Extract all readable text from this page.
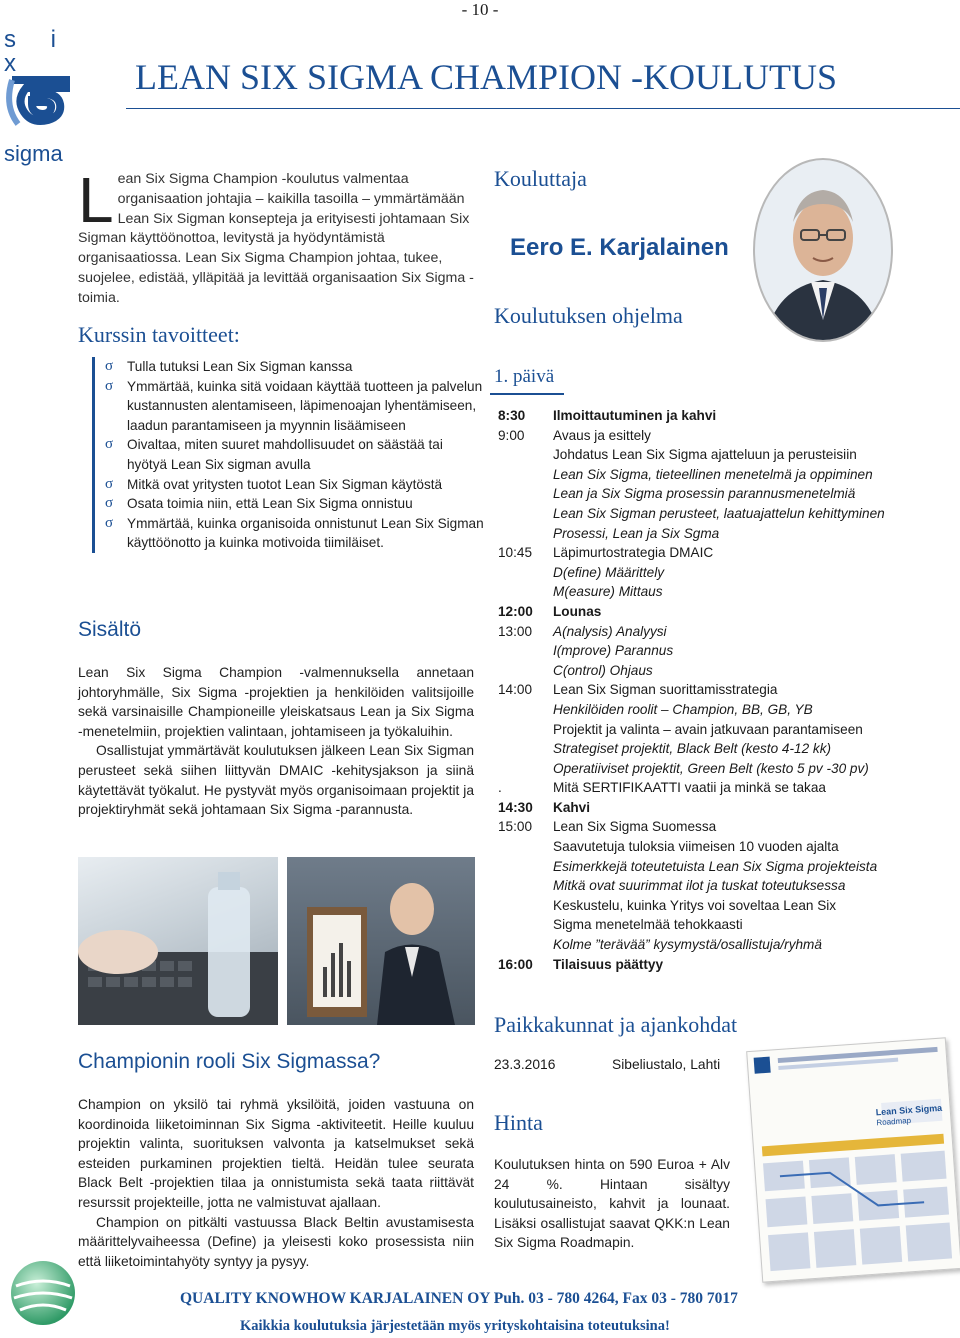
- 10 -
s i x
sigma
LEAN SIX SIGMA CHAMPION -KOULUTUS
L ean Six Sigma Champion -koulutus valmentaa organisaation johtajia – kaikilla tasoilla – ymmärtämään Lean Six Sigman konsepteja ja erityisesti johtamaan Six Sigman käyttöönottoa, levitystä ja hyödyntämistä organisaatiossa. Lean Six Sigma Champion johtaa, tukee, suojelee, edistää, ylläpitää ja levittää organisaation Six Sigma -toimia.
Kurssin tavoitteet:
σ Tulla tutuksi Lean Six Sigman kanssa
σ Ymmärtää, kuinka sitä voidaan käyttää tuotteen ja palvelun kustannusten alentamiseen, läpimenoajan lyhentämiseen, laadun parantamiseen ja myynnin lisäämiseen
σ Oivaltaa, miten suuret mahdollisuudet on säästää tai hyötyä Lean Six sigman avulla
σ Mitkä ovat yritysten tuotot Lean Six Sigman käytöstä
σ Osata toimia niin, että Lean Six Sigma onnistuu
σ Ymmärtää, kuinka organisoida onnistunut Lean Six Sigman käyttöönotto ja kuinka motivoida tiimiläiset.
Sisältö
Lean Six Sigma Champion -valmennuksella annetaan johtoryhmälle, Six Sigma -projektien ja henkilöiden valitsijoille sekä varsinaisille Championeille yleiskatsaus Lean ja Six Sigma -menetelmiin, projektien valintaan, johtamiseen ja työkaluihin.
Osallistujat ymmärtävät koulutuksen jälkeen Lean Six Sigman perusteet sekä siihen liittyvän DMAIC -kehitysjakson ja siinä käytettävät työkalut. He pystyvät myös organisoimaan projektit ja projektiryhmät sekä johtamaan Six Sigma -parannusta.
Championin rooli Six Sigmassa?
Champion on yksilö tai ryhmä yksilöitä, joiden vastuuna on koordinoida liiketoiminnan Six Sigma -aktiviteetit. Heille kuuluu projektin valinta, suorituksen valvonta ja katselmukset sekä esteiden purkaminen projektien tieltä. Heidän tulee seurata Black Belt -projektien tilaa ja onnistumista sekä taata riittävät resurssit projekteille, jotta ne valmistuvat ajallaan.
Champion on pitkälti vastuussa Black Beltin avustamisesta määrittelyvaiheessa (Define) ja yleisesti koko prosessista niin että liiketoimintahyöty syntyy ja pysyy.
Kouluttaja
Eero E. Karjalainen
Koulutuksen ohjelma
1. päivä
8:30	Ilmoittautuminen ja kahvi
9:00	Avaus ja esittely
Johdatus Lean Six Sigma ajatteluun ja perusteisiin
Lean Six Sigma, tieteellinen menetelmä ja oppiminen
Lean ja Six Sigma prosessin parannusmenetelmiä
Lean Six Sigman perusteet, laatuajattelun kehittyminen
Prosessi, Lean ja Six Sgma
10:45	Läpimurtostrategia DMAIC
D(efine) Määrittely
M(easure) Mittaus
12:00	Lounas
13:00	A(nalysis) Analyysi
I(mprove) Parannus
C(ontrol) Ohjaus
14:00	Lean Six Sigman suorittamisstrategia
Henkilöiden roolit – Champion, BB, GB, YB
Projektit ja valinta – avain jatkuvaan parantamiseen
Strategiset projektit, Black Belt (kesto 4-12 kk)
Operatiiviset projektit, Green Belt (kesto 5 pv -30 pv)
.	Mitä SERTIFIKAATTI vaatii ja minkä se takaa
14:30	Kahvi
15:00	Lean Six Sigma Suomessa
Saavutetuja tuloksia viimeisen 10 vuoden ajalta
Esimerkkejä toteutetuista Lean Six Sigma projekteista
Mitkä ovat suurimmat ilot ja tuskat toteutuksessa
Keskustelu, kuinka Yritys voi soveltaa Lean Six
Sigma menetelmää tehokkaasti
Kolme ”terävää” kysymystä/osallistuja/ryhmä
16:00	Tilaisuus päättyy
Paikkakunnat ja ajankohdat
23.3.2016	Sibeliustalo, Lahti
Hinta
Koulutuksen hinta on 590 Euroa + Alv 24 %. Hintaan sisältyy koulutusaineisto, kahvit ja lounaat. Lisäksi osallistujat saavat QKK:n Lean Six Sigma Roadmapin.
Lean Six Sigma
Roadmap
QUALITY KNOWHOW KARJALAINEN OY Puh. 03 - 780 4264, Fax 03 - 780 7017
Kaikkia koulutuksia järjestetään myös yrityskohtaisina toteutuksina!
